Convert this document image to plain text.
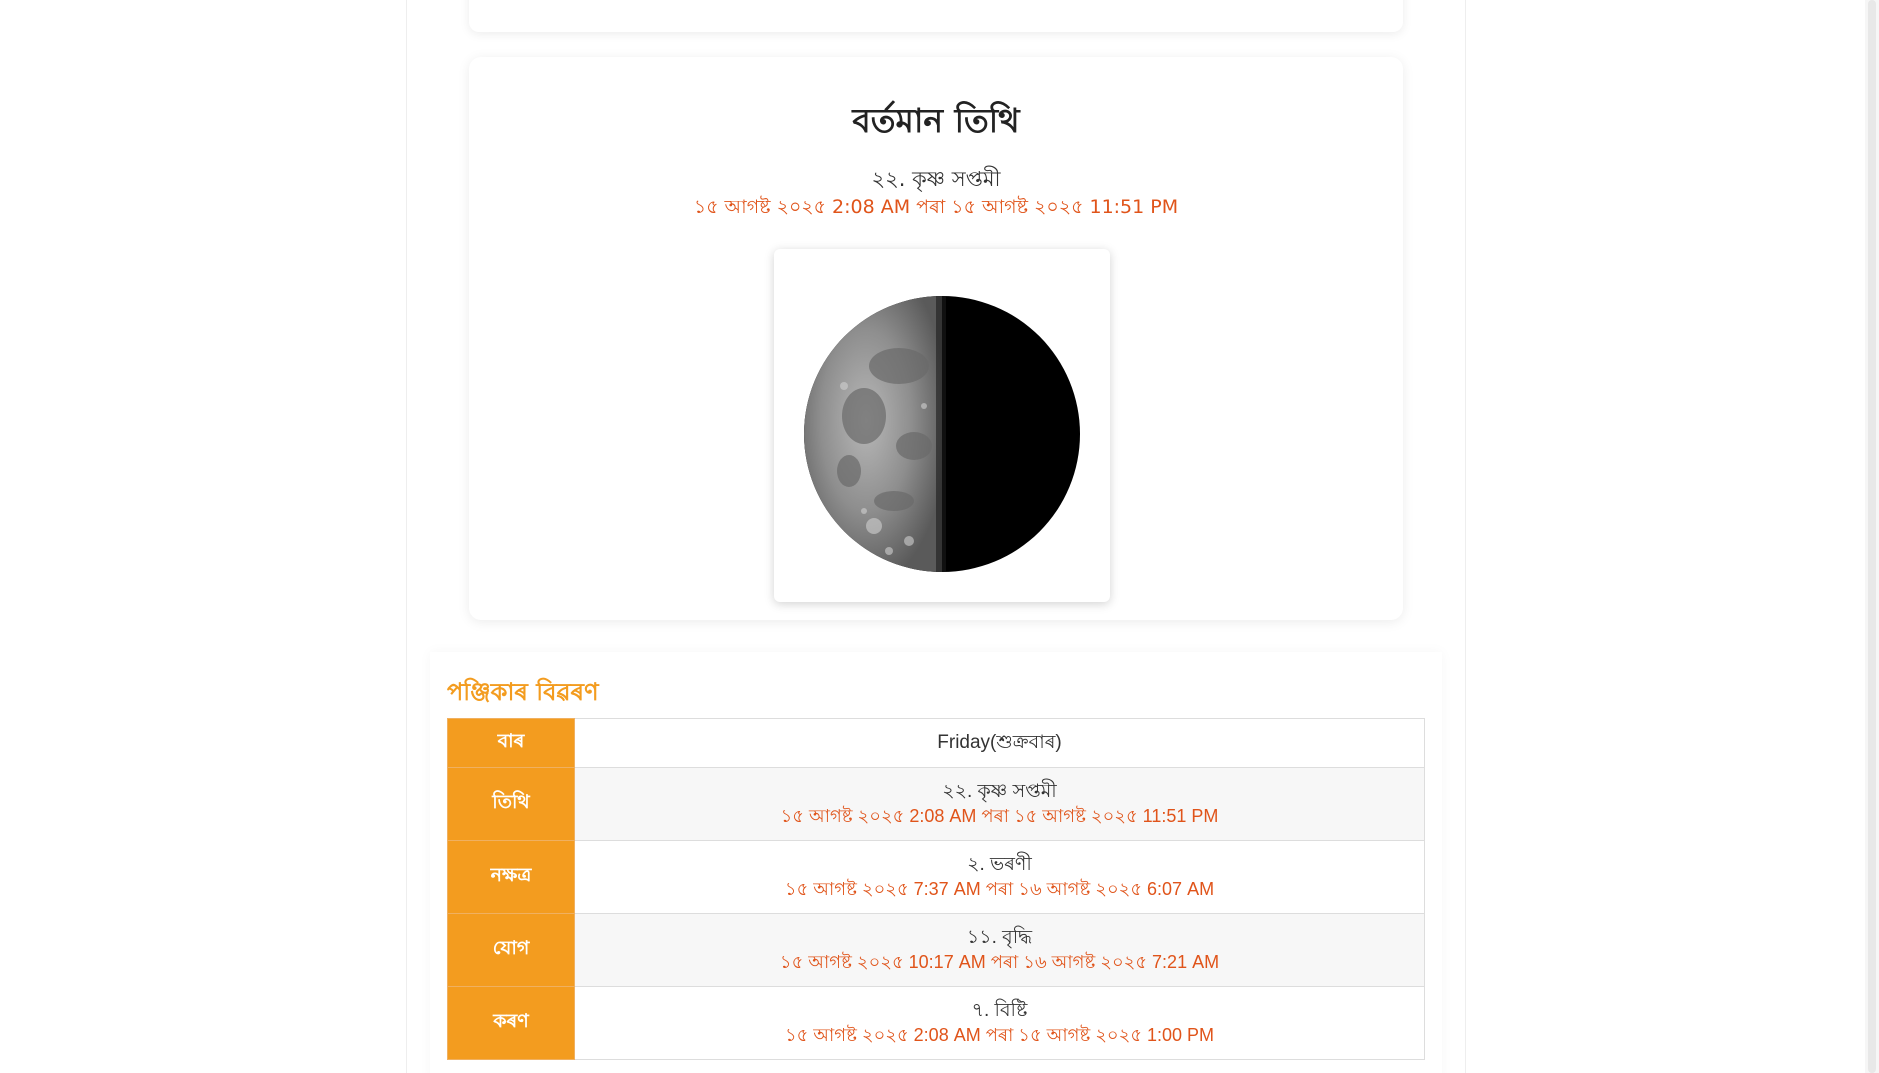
বৰ্তমান তিথি
২২. কৃষ্ণ সপ্তমী
১৫ আগষ্ট ২০২৫ 2:08 AM পৰা ১৫ আগষ্ট ২০২৫ 11:51 PM
পঞ্জিকাৰ বিৱৰণ
বাৰ	Friday(শুক্রবাৰ)

তিথি	২২. কৃষ্ণ সপ্তমী
১৫ আগষ্ট ২০২৫ 2:08 AM পৰা ১৫ আগষ্ট ২০২৫ 11:51 PM

নক্ষত্ৰ	২. ভৰণী
১৫ আগষ্ট ২০২৫ 7:37 AM পৰা ১৬ আগষ্ট ২০২৫ 6:07 AM

যোগ	১১. বৃদ্ধি
১৫ আগষ্ট ২০২৫ 10:17 AM পৰা ১৬ আগষ্ট ২০২৫ 7:21 AM

কৰণ	৭. বিষ্টি
১৫ আগষ্ট ২০২৫ 2:08 AM পৰা ১৫ আগষ্ট ২০২৫ 1:00 PM
